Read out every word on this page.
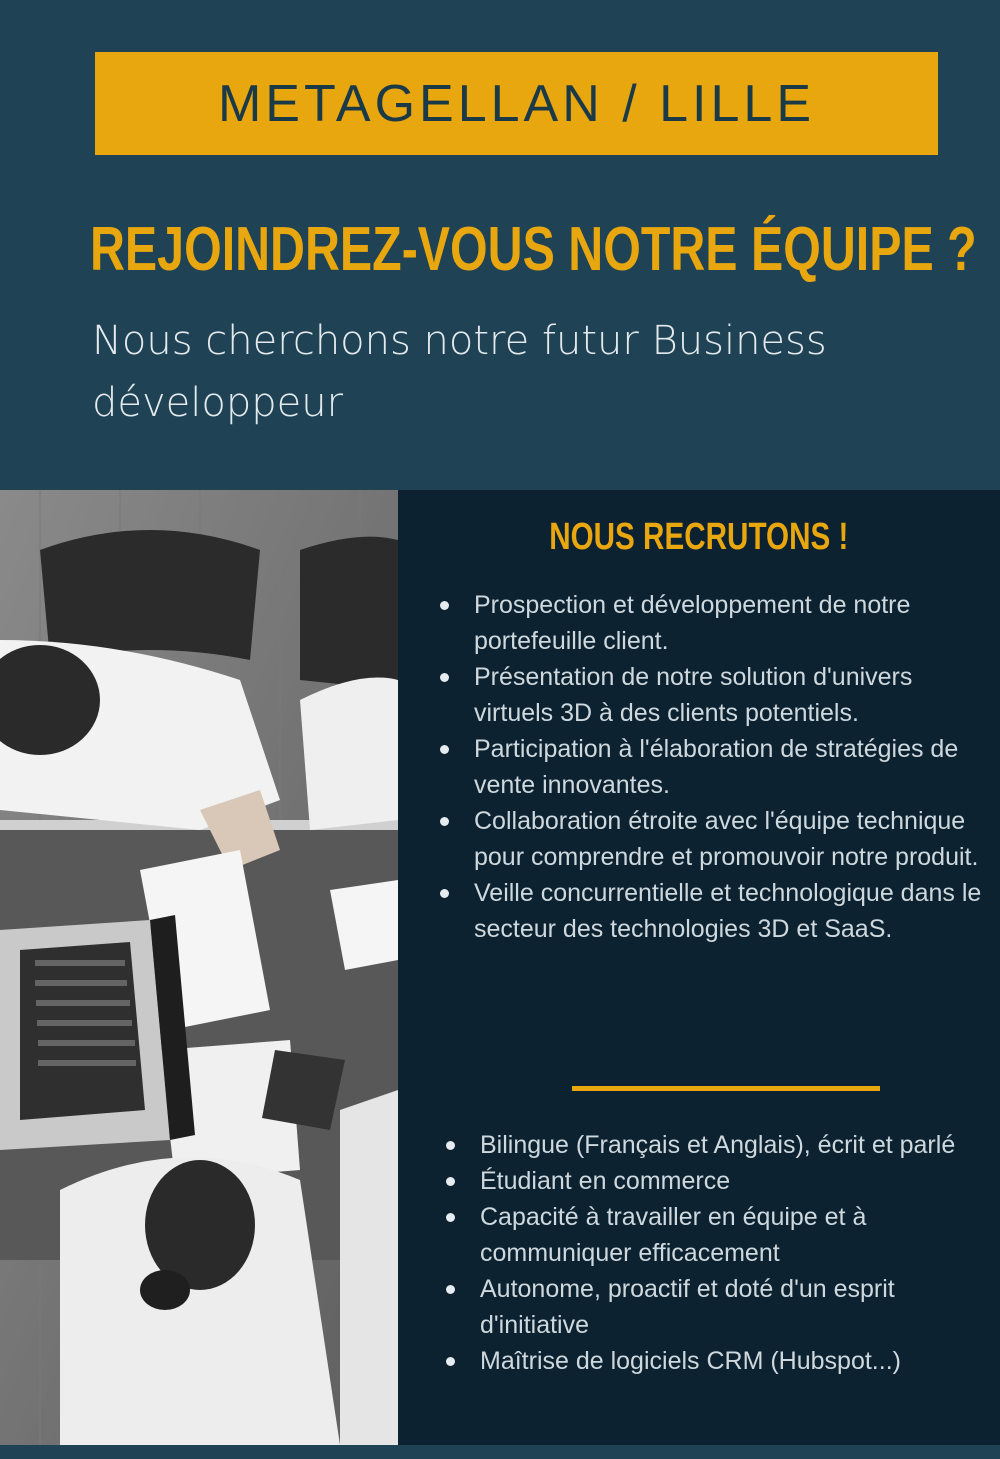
METAGELLAN / LILLE
REJOINDREZ-VOUS NOTRE ÉQUIPE ?
Nous cherchons notre futur Business développeur
NOUS RECRUTONS !
Prospection et développement de notre portefeuille client.
Présentation de notre solution d'univers virtuels 3D à des clients potentiels.
Participation à l'élaboration de stratégies de vente innovantes.
Collaboration étroite avec l'équipe technique pour comprendre et promouvoir notre produit.
Veille concurrentielle et technologique dans le secteur des technologies 3D et SaaS.
Bilingue (Français et Anglais), écrit et parlé
Étudiant en commerce
Capacité à travailler en équipe et à communiquer efficacement
Autonome, proactif et doté d'un esprit d'initiative
Maîtrise de logiciels CRM (Hubspot...)
